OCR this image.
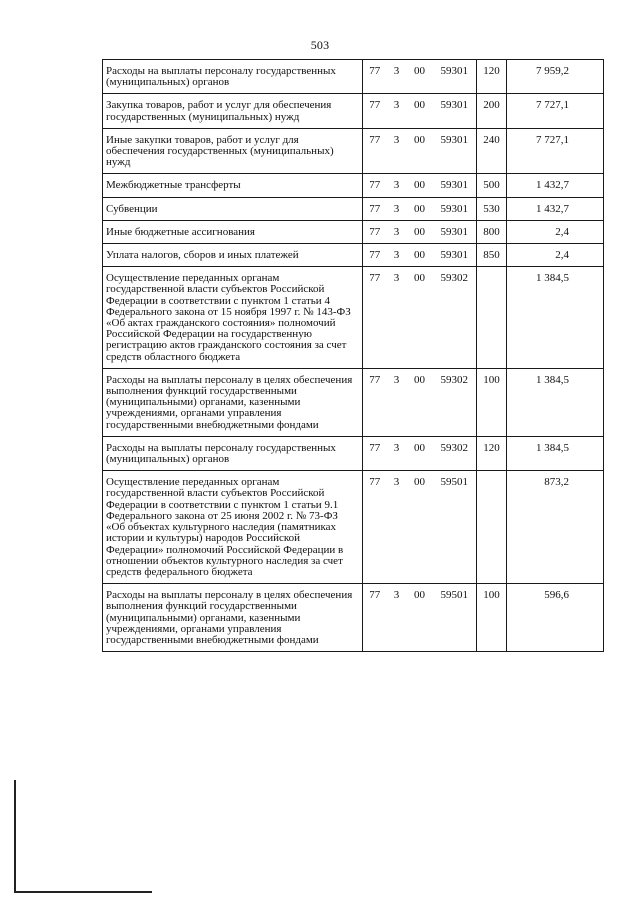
503
Расходы на выплаты персоналу государственных (муниципальных) органов	77	3	00	59301	120	7 959,2
Закупка товаров, работ и услуг для обеспечения государственных (муниципальных) нужд	77	3	00	59301	200	7 727,1
Иные закупки товаров, работ и услуг для обеспечения государственных (муниципальных) нужд	77	3	00	59301	240	7 727,1
Межбюджетные трансферты	77	3	00	59301	500	1 432,7
Субвенции	77	3	00	59301	530	1 432,7
Иные бюджетные ассигнования	77	3	00	59301	800	2,4
Уплата налогов, сборов и иных платежей	77	3	00	59301	850	2,4
Осуществление переданных органам государственной власти субъектов Российской Федерации в соответствии с пунктом 1 статьи 4 Федерального закона от 15 ноября 1997 г. № 143-ФЗ «Об актах гражданского состояния» полномочий Российской Федерации на государственную регистрацию актов гражданского состояния за счет средств областного бюджета	77	3	00	59302		1 384,5
Расходы на выплаты персоналу в целях обеспечения выполнения функций государственными (муниципальными) органами, казенными учреждениями, органами управления государственными внебюджетными фондами	77	3	00	59302	100	1 384,5
Расходы на выплаты персоналу государственных (муниципальных) органов	77	3	00	59302	120	1 384,5
Осуществление переданных органам государственной власти субъектов Российской Федерации в соответствии с пунктом 1 статьи 9.1 Федерального закона от 25 июня 2002 г. № 73-ФЗ «Об объектах культурного наследия (памятниках истории и культуры) народов Российской Федерации» полномочий Российской Федерации в отношении объектов культурного наследия за счет средств федерального бюджета	77	3	00	59501		873,2
Расходы на выплаты персоналу в целях обеспечения выполнения функций государственными (муниципальными) органами, казенными учреждениями, органами управления государственными внебюджетными фондами	77	3	00	59501	100	596,6
